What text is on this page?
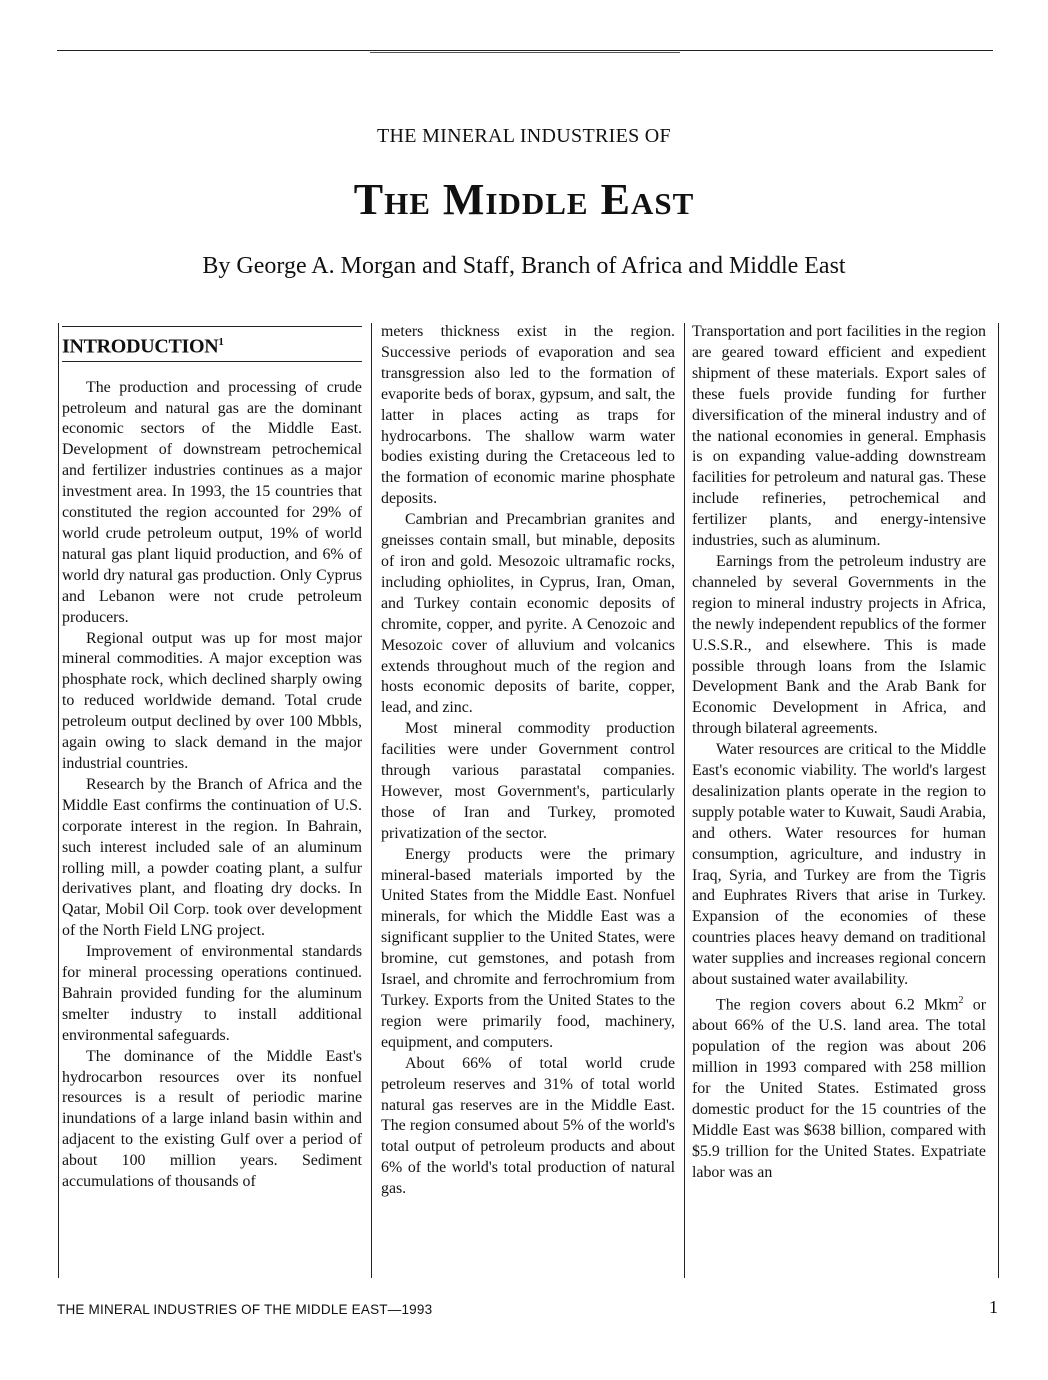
THE MINERAL INDUSTRIES OF
The Middle East
By George A. Morgan and Staff, Branch of Africa and Middle East
INTRODUCTION$^1$

The production and processing of crude petroleum and natural gas are the dominant economic sectors of the Middle East. Development of downstream petrochemical and fertilizer industries continues as a major investment area. In 1993, the 15 countries that constituted the region accounted for 29% of world crude petroleum output, 19% of world natural gas plant liquid production, and 6% of world dry natural gas production. Only Cyprus and Lebanon were not crude petroleum producers.

Regional output was up for most major mineral commodities. A major exception was phosphate rock, which declined sharply owing to reduced worldwide demand. Total crude petroleum output declined by over 100 Mbbls, again owing to slack demand in the major industrial countries.

Research by the Branch of Africa and the Middle East confirms the continuation of U.S. corporate interest in the region. In Bahrain, such interest included sale of an aluminum rolling mill, a powder coating plant, a sulfur derivatives plant, and floating dry docks. In Qatar, Mobil Oil Corp. took over development of the North Field LNG project.

Improvement of environmental standards for mineral processing operations continued. Bahrain provided funding for the aluminum smelter industry to install additional environmental safeguards.

The dominance of the Middle East's hydrocarbon resources over its nonfuel resources is a result of periodic marine inundations of a large inland basin within and adjacent to the existing Gulf over a period of about 100 million years. Sediment accumulations of thousands of

meters thickness exist in the region. Successive periods of evaporation and sea transgression also led to the formation of evaporite beds of borax, gypsum, and salt, the latter in places acting as traps for hydrocarbons. The shallow warm water bodies existing during the Cretaceous led to the formation of economic marine phosphate deposits.

Cambrian and Precambrian granites and gneisses contain small, but minable, deposits of iron and gold. Mesozoic ultramafic rocks, including ophiolites, in Cyprus, Iran, Oman, and Turkey contain economic deposits of chromite, copper, and pyrite. A Cenozoic and Mesozoic cover of alluvium and volcanics extends throughout much of the region and hosts economic deposits of barite, copper, lead, and zinc.

Most mineral commodity production facilities were under Government control through various parastatal companies. However, most Government's, particularly those of Iran and Turkey, promoted privatization of the sector.

Energy products were the primary mineral-based materials imported by the United States from the Middle East. Nonfuel minerals, for which the Middle East was a significant supplier to the United States, were bromine, cut gemstones, and potash from Israel, and chromite and ferrochromium from Turkey. Exports from the United States to the region were primarily food, machinery, equipment, and computers.

About 66% of total world crude petroleum reserves and 31% of total world natural gas reserves are in the Middle East. The region consumed about 5% of the world's total output of petroleum products and about 6% of the world's total production of natural gas.

Transportation and port facilities in the region are geared toward efficient and expedient shipment of these materials. Export sales of these fuels provide funding for further diversification of the mineral industry and of the national economies in general. Emphasis is on expanding value-adding downstream facilities for petroleum and natural gas. These include refineries, petrochemical and fertilizer plants, and energy-intensive industries, such as aluminum.

Earnings from the petroleum industry are channeled by several Governments in the region to mineral industry projects in Africa, the newly independent republics of the former U.S.S.R., and elsewhere. This is made possible through loans from the Islamic Development Bank and the Arab Bank for Economic Development in Africa, and through bilateral agreements.

Water resources are critical to the Middle East's economic viability. The world's largest desalinization plants operate in the region to supply potable water to Kuwait, Saudi Arabia, and others. Water resources for human consumption, agriculture, and industry in Iraq, Syria, and Turkey are from the Tigris and Euphrates Rivers that arise in Turkey. Expansion of the economies of these countries places heavy demand on traditional water supplies and increases regional concern about sustained water availability.

The region covers about 6.2 Mkm$^2$ or about 66% of the U.S. land area. The total population of the region was about 206 million in 1993 compared with 258 million for the United States. Estimated gross domestic product for the 15 countries of the Middle East was $638 billion, compared with $5.9 trillion for the United States. Expatriate labor was an

THE MINERAL INDUSTRIES OF THE MIDDLE EAST—1993	1
